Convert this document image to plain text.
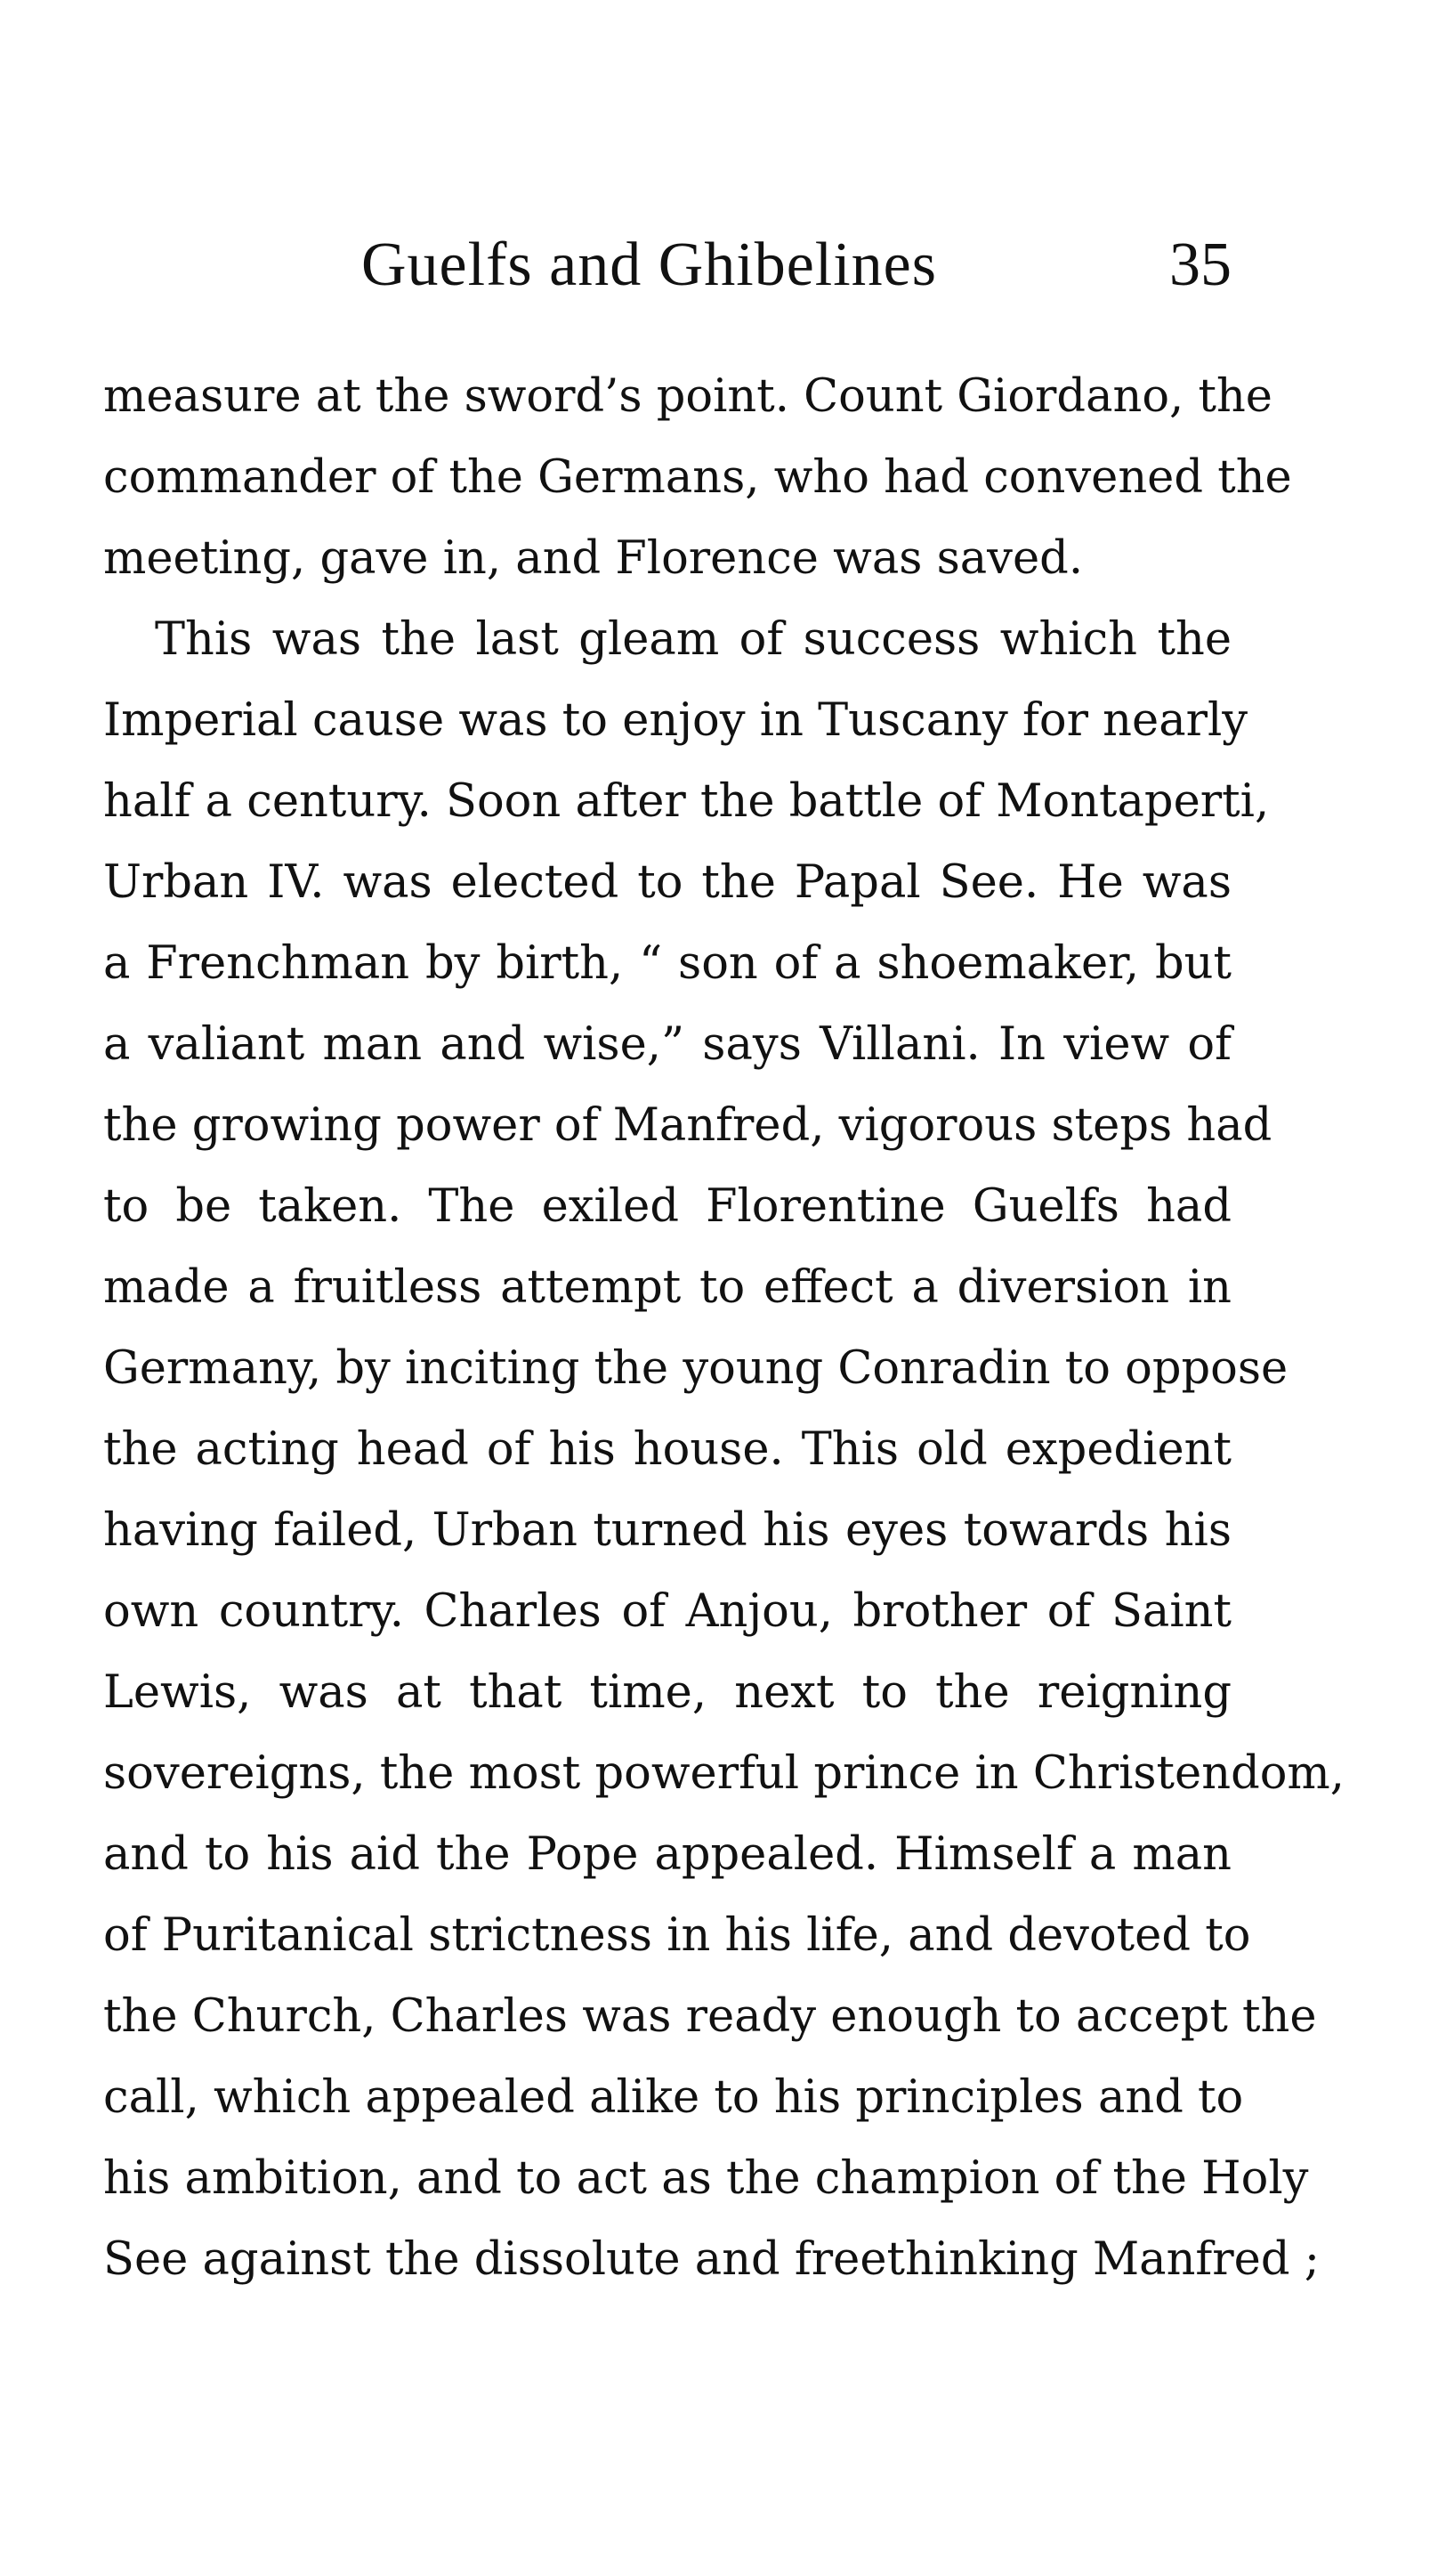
Guelfs and Ghibelines	35
measure at the sword’s point. Count Giordano, the
commander of the Germans, who had convened the
meeting, gave in, and Florence was saved.
This was the last gleam of success which the
Imperial cause was to enjoy in Tuscany for nearly
half a century. Soon after the battle of Montaperti,
Urban IV. was elected to the Papal See. He was
a Frenchman by birth, “ son of a shoemaker, but
a valiant man and wise,” says Villani. In view of
the growing power of Manfred, vigorous steps had
to be taken. The exiled Florentine Guelfs had
made a fruitless attempt to effect a diversion in
Germany, by inciting the young Conradin to oppose
the acting head of his house. This old expedient
having failed, Urban turned his eyes towards his
own country. Charles of Anjou, brother of Saint
Lewis, was at that time, next to the reigning
sovereigns, the most powerful prince in Christendom,
and to his aid the Pope appealed. Himself a man
of Puritanical strictness in his life, and devoted to
the Church, Charles was ready enough to accept the
call, which appealed alike to his principles and to
his ambition, and to act as the champion of the Holy
See against the dissolute and freethinking Manfred ;
